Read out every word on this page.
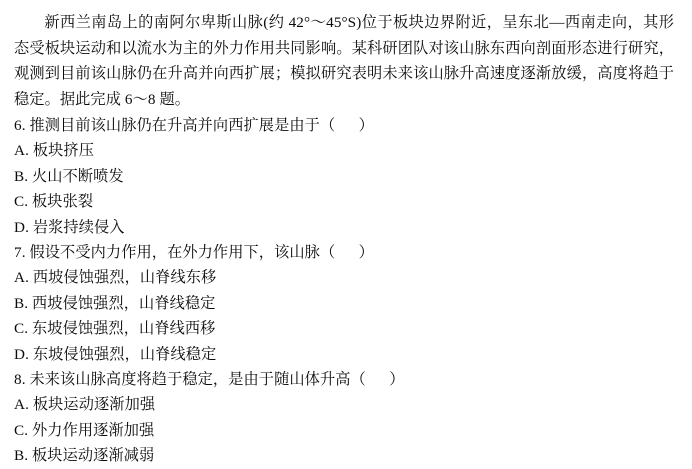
新西兰南岛上的南阿尔卑斯山脉(约 42°～45°S)位于板块边界附近，呈东北—西南走向，其形态受板块运动和以流水为主的外力作用共同影响。某科研团队对该山脉东西向剖面形态进行研究，观测到目前该山脉仍在升高并向西扩展；模拟研究表明未来该山脉升高速度逐渐放缓，高度将趋于稳定。据此完成 6～8 题。

6. 推测目前该山脉仍在升高并向西扩展是由于（      ）

A. 板块挤压

B. 火山不断喷发

C. 板块张裂

D. 岩浆持续侵入

7. 假设不受内力作用，在外力作用下，该山脉（      ）

A. 西坡侵蚀强烈，山脊线东移

B. 西坡侵蚀强烈，山脊线稳定

C. 东坡侵蚀强烈，山脊线西移

D. 东坡侵蚀强烈，山脊线稳定

8. 未来该山脉高度将趋于稳定，是由于随山体升高（      ）

A. 板块运动逐渐加强

C. 外力作用逐渐加强

B. 板块运动逐渐减弱
